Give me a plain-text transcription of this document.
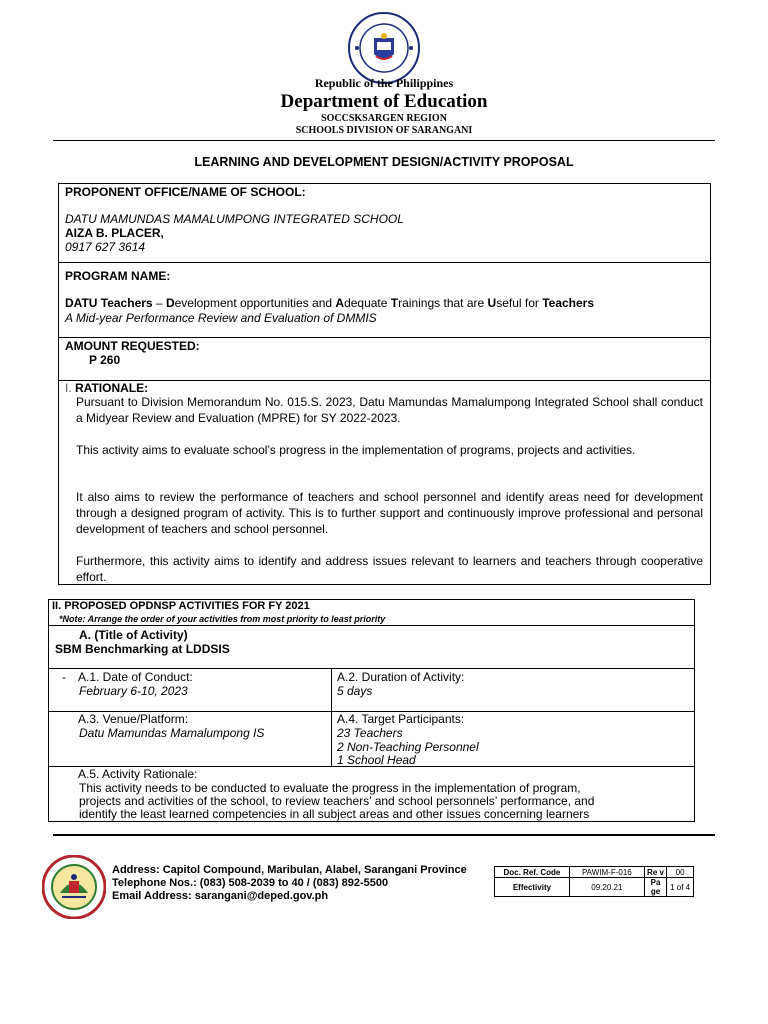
Republic of the Philippines
Department of Education
SOCCSKSARGEN REGION
SCHOOLS DIVISION OF SARANGANI
LEARNING AND DEVELOPMENT DESIGN/ACTIVITY PROPOSAL
PROPONENT OFFICE/NAME OF SCHOOL:
DATU MAMUNDAS MAMALUMPONG INTEGRATED SCHOOL
AIZA B. PLACER,
0917 627 3614
PROGRAM NAME:
DATU Teachers – Development opportunities and Adequate Trainings that are Useful for Teachers
A Mid-year Performance Review and Evaluation of DMMIS
AMOUNT REQUESTED:
P 260
I. RATIONALE:
Pursuant to Division Memorandum No. 015.S. 2023, Datu Mamundas Mamalumpong Integrated School shall conduct a Midyear Review and Evaluation (MPRE) for SY 2022-2023.
This activity aims to evaluate school’s progress in the implementation of programs, projects and activities.
It also aims to review the performance of teachers and school personnel and identify areas need for development through a designed program of activity. This is to further support and continuously improve professional and personal development of teachers and school personnel.
Furthermore, this activity aims to identify and address issues relevant to learners and teachers through cooperative effort.
II. PROPOSED OPDNSP ACTIVITIES FOR FY 2021
*Note: Arrange the order of your activities from most priority to least priority
A. (Title of Activity)
SBM Benchmarking at LDDSIS
- A.1. Date of Conduct:
February 6-10, 2023
A.2. Duration of Activity:
5 days
A.3. Venue/Platform:
Datu Mamundas Mamalumpong IS
A.4. Target Participants:
23 Teachers
2 Non-Teaching Personnel
1 School Head
A.5. Activity Rationale:
This activity needs to be conducted to evaluate the progress in the implementation of program,
projects and activities of the school, to review teachers’ and school personnels’ performance, and
identify the least learned competencies in all subject areas and other issues concerning learners
Address: Capitol Compound, Maribulan, Alabel, Sarangani Province
Telephone Nos.: (083) 508-2039 to 40 / (083) 892-5500
Email Address: sarangani@deped.gov.ph
Doc. Ref. Code	PAWIM-F-016	Re v	00
Effectivity	09.20.21	Pa ge	1 of 4
